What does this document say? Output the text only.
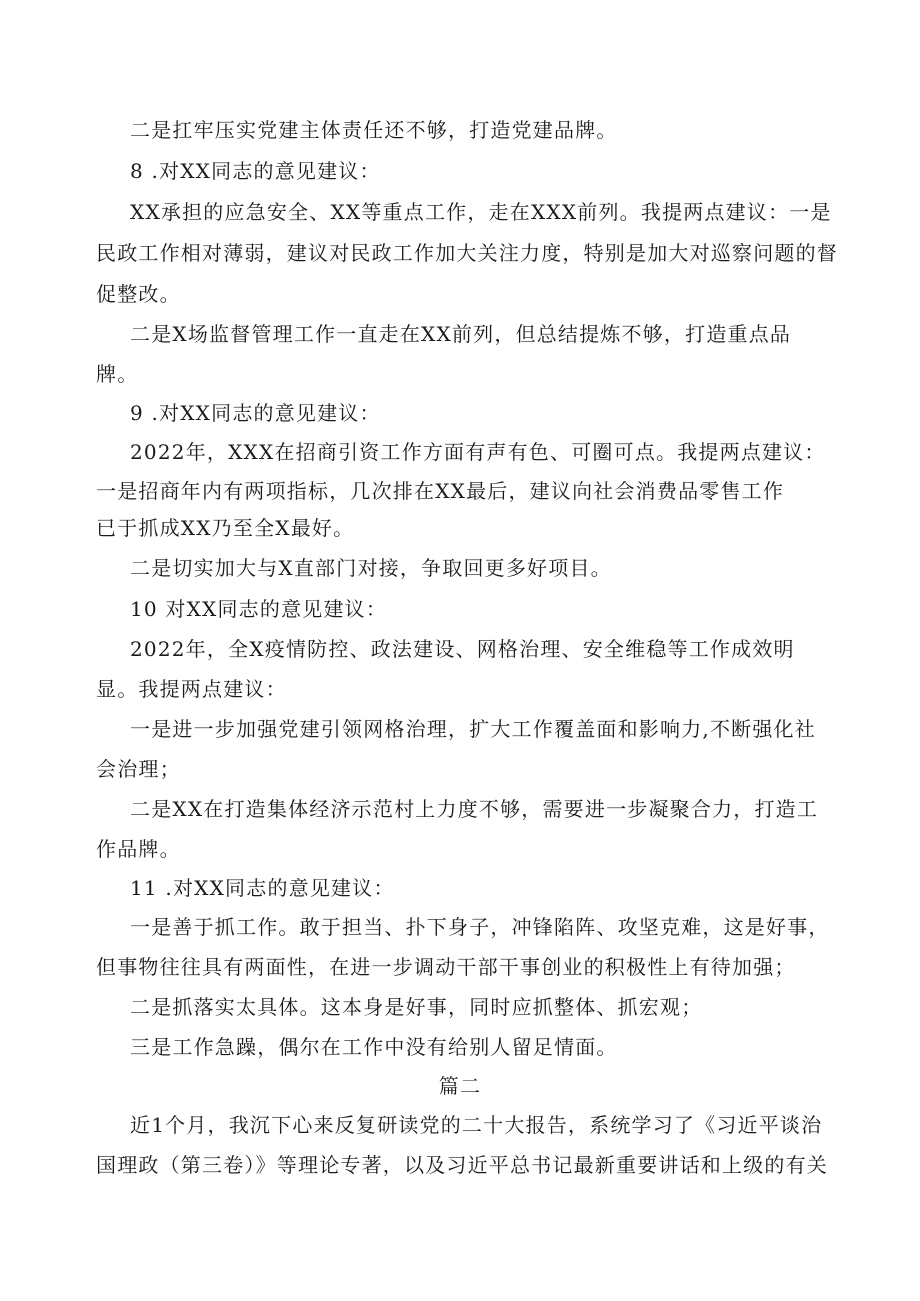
二是扛牢压实党建主体责任还不够，打造党建品牌。
8 .对XX同志的意见建议：
XX承担的应急安全、XX等重点工作，走在XXX前列。我提两点建议：一是
民政工作相对薄弱，建议对民政工作加大关注力度，特别是加大对巡察问题的督
促整改。
二是X场监督管理工作一直走在XX前列，但总结提炼不够，打造重点品
牌。
9 .对XX同志的意见建议：
2022年，XXX在招商引资工作方面有声有色、可圈可点。我提两点建议：
一是招商年内有两项指标，几次排在XX最后，建议向社会消费品零售工作
已于抓成XX乃至全X最好。
二是切实加大与X直部门对接，争取回更多好项目。
10 对XX同志的意见建议：
2022年，全X疫情防控、政法建设、网格治理、安全维稳等工作成效明
显。我提两点建议：
一是进一步加强党建引领网格治理，扩大工作覆盖面和影响力,不断强化社
会治理；
二是XX在打造集体经济示范村上力度不够，需要进一步凝聚合力，打造工
作品牌。
11 .对XX同志的意见建议：
一是善于抓工作。敢于担当、扑下身子，冲锋陷阵、攻坚克难，这是好事，
但事物往往具有两面性，在进一步调动干部干事创业的积极性上有待加强；
二是抓落实太具体。这本身是好事，同时应抓整体、抓宏观；
三是工作急躁，偶尔在工作中没有给别人留足情面。
篇二
近1个月，我沉下心来反复研读党的二十大报告，系统学习了《习近平谈治
国理政（第三卷）》等理论专著，以及习近平总书记最新重要讲话和上级的有关
